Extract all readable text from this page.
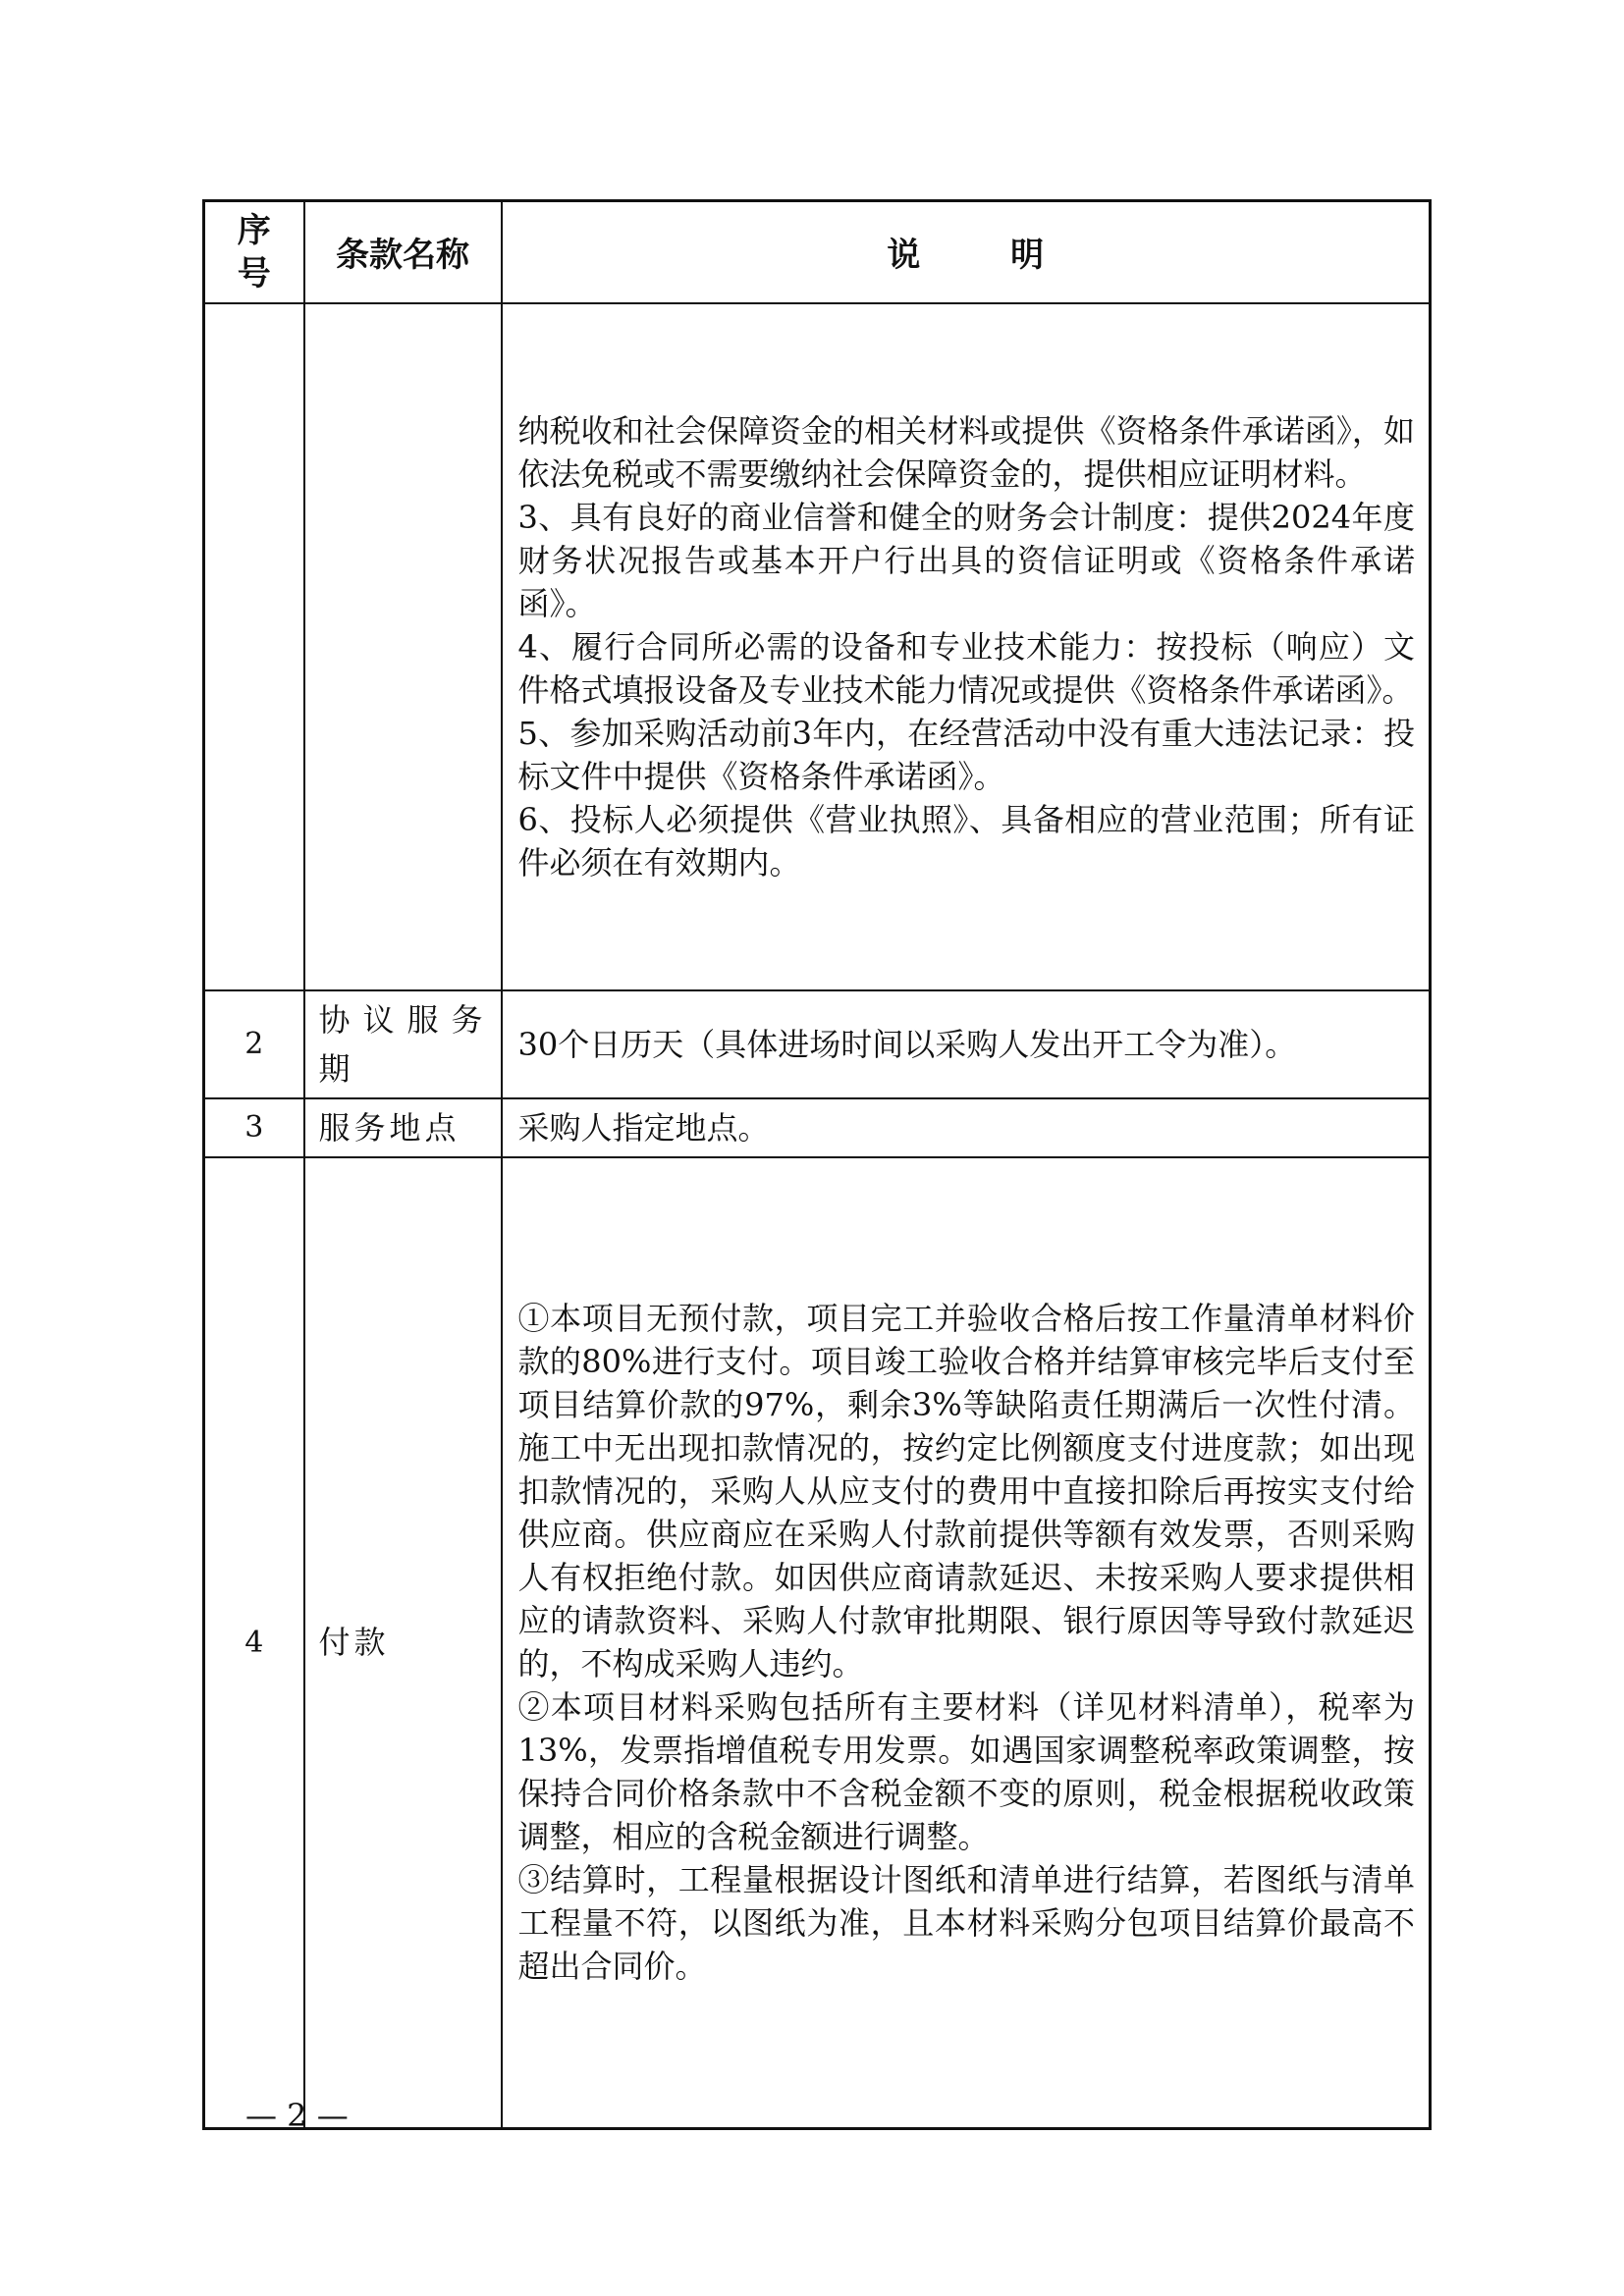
序
号	条款名称	说 明

		纳税收和社会保障资金的相关材料或提供《资格条件承诺函》，如依法免税或不需要缴纳社会保障资金的，提供相应证明材料。

3、具有良好的商业信誉和健全的财务会计制度：提供2024年度财务状况报告或基本开户行出具的资信证明或《资格条件承诺函》。

4、履行合同所必需的设备和专业技术能力：按投标（响应）文件格式填报设备及专业技术能力情况或提供《资格条件承诺函》。

5、参加采购活动前3年内，在经营活动中没有重大违法记录：投标文件中提供《资格条件承诺函》。

6、投标人必须提供《营业执照》、具备相应的营业范围；所有证件必须在有效期内。

2	协议服务期	30个日历天（具体进场时间以采购人发出开工令为准）。

3	服务地点	采购人指定地点。

4	付款	①本项目无预付款，项目完工并验收合格后按工作量清单材料价款的80%进行支付。项目竣工验收合格并结算审核完毕后支付至项目结算价款的97%，剩余3%等缺陷责任期满后一次性付清。施工中无出现扣款情况的，按约定比例额度支付进度款；如出现扣款情况的，采购人从应支付的费用中直接扣除后再按实支付给供应商。供应商应在采购人付款前提供等额有效发票，否则采购人有权拒绝付款。如因供应商请款延迟、未按采购人要求提供相应的请款资料、采购人付款审批期限、银行原因等导致付款延迟的，不构成采购人违约。

②本项目材料采购包括所有主要材料（详见材料清单），税率为13%，发票指增值税专用发票。如遇国家调整税率政策调整，按保持合同价格条款中不含税金额不变的原则，税金根据税收政策调整，相应的含税金额进行调整。

③结算时，工程量根据设计图纸和清单进行结算，若图纸与清单工程量不符，以图纸为准，且本材料采购分包项目结算价最高不超出合同价。

— 2 —
